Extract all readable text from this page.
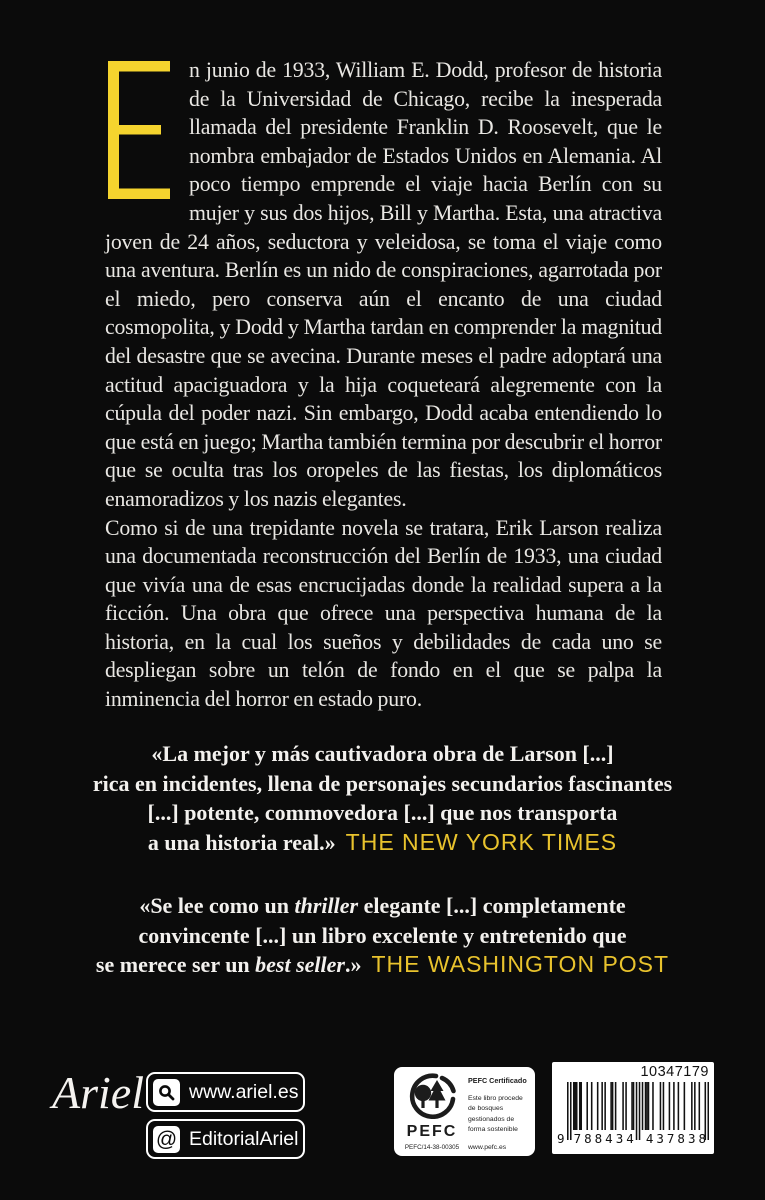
n junio de 1933, William E. Dodd, profesor de historia de la Universidad de Chicago, recibe la inesperada llamada del presidente Franklin D. Roosevelt, que le nombra embajador de Estados Unidos en Alemania. Al poco tiempo emprende el viaje hacia Berlín con su mujer y sus dos hijos, Bill y Martha. Esta, una atractiva joven de 24 años, seductora y veleidosa, se toma el viaje como una aventura. Berlín es un nido de conspiraciones, agarrotada por el miedo, pero conserva aún el encanto de una ciudad cosmopolita, y Dodd y Martha tardan en comprender la magnitud del desastre que se avecina. Durante meses el padre adoptará una actitud apaciguadora y la hija coqueteará alegremente con la cúpula del poder nazi. Sin embargo, Dodd acaba entendiendo lo que está en juego; Martha también termina por descubrir el horror que se oculta tras los oropeles de las fiestas, los diplomáticos enamoradizos y los nazis elegantes.

Como si de una trepidante novela se tratara, Erik Larson realiza una documentada reconstrucción del Berlín de 1933, una ciudad que vivía una de esas encrucijadas donde la realidad supera a la ficción. Una obra que ofrece una perspectiva humana de la historia, en la cual los sueños y debilidades de cada uno se despliegan sobre un telón de fondo en el que se palpa la inminencia del horror en estado puro.

«La mejor y más cautivadora obra de Larson [...]
rica en incidentes, llena de personajes secundarios fascinantes
[...] potente, commovedora [...] que nos transporta
a una historia real.» THE NEW YORK TIMES
«Se lee como un thriller elegante [...] completamente
convincente [...] un libro excelente y entretenido que
se merece ser un best seller.» THE WASHINGTON POST
Ariel www.ariel.es
@ EditorialAriel	PEFC
PEFC/14-38-00305
PEFC Certificado
Este libro procede de bosques gestionados de forma sostenible
www.pefc.es
10347179
9 788434 437838
